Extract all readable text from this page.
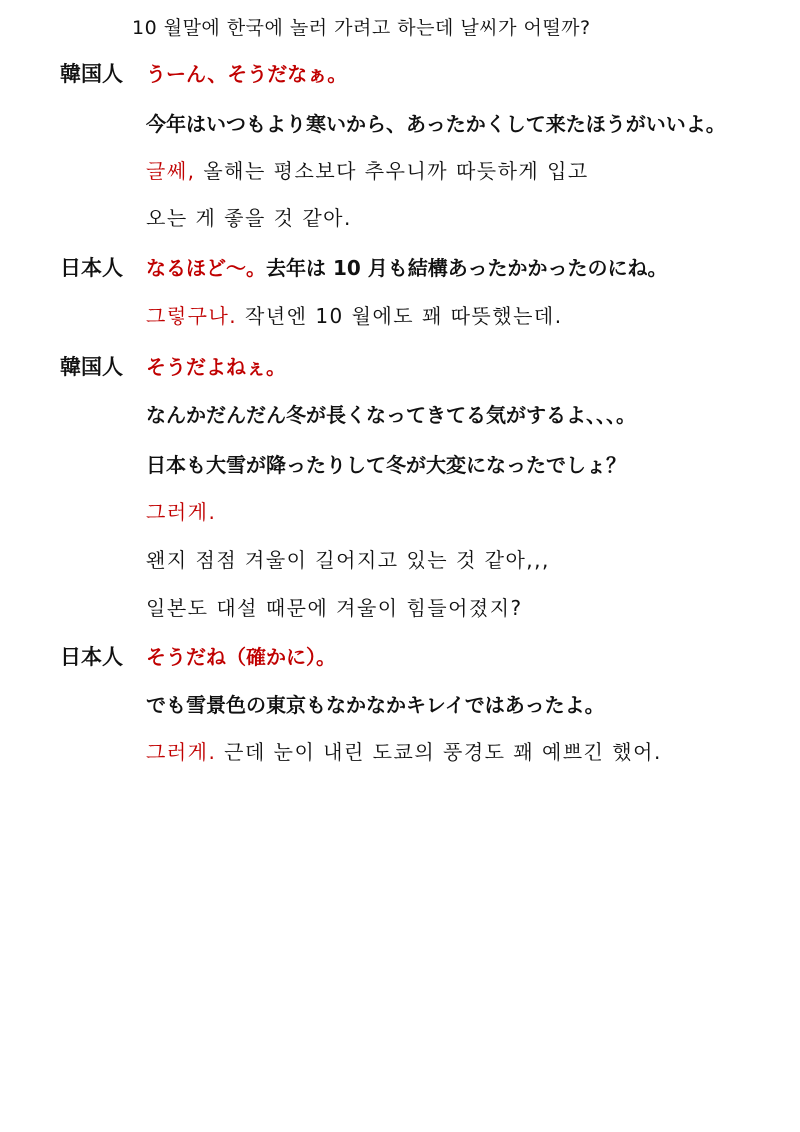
10 월말에 한국에 놀러 가려고 하는데 날씨가 어떨까?
韓国人 うーん、そうだなぁ。
今年はいつもより寒いから、あったかくして来たほうがいいよ。
글쎄, 올해는 평소보다 추우니까 따듯하게 입고
오는 게 좋을 것 같아.
日本人 なるほど～。去年は 10 月も結構あったかかったのにね。
그렇구나. 작년엔 10 월에도 꽤 따뜻했는데.
韓国人 そうだよねぇ。
なんかだんだん冬が長くなってきてる気がするよ、、、。
日本も大雪が降ったりして冬が大変になったでしょ？
그러게.
왠지 점점 겨울이 길어지고 있는 것 같아,,,
일본도 대설 때문에 겨울이 힘들어졌지?
日本人 そうだね（確かに）。
でも雪景色の東京もなかなかキレイではあったよ。
그러게. 근데 눈이 내린 도쿄의 풍경도 꽤 예쁘긴 했어.
